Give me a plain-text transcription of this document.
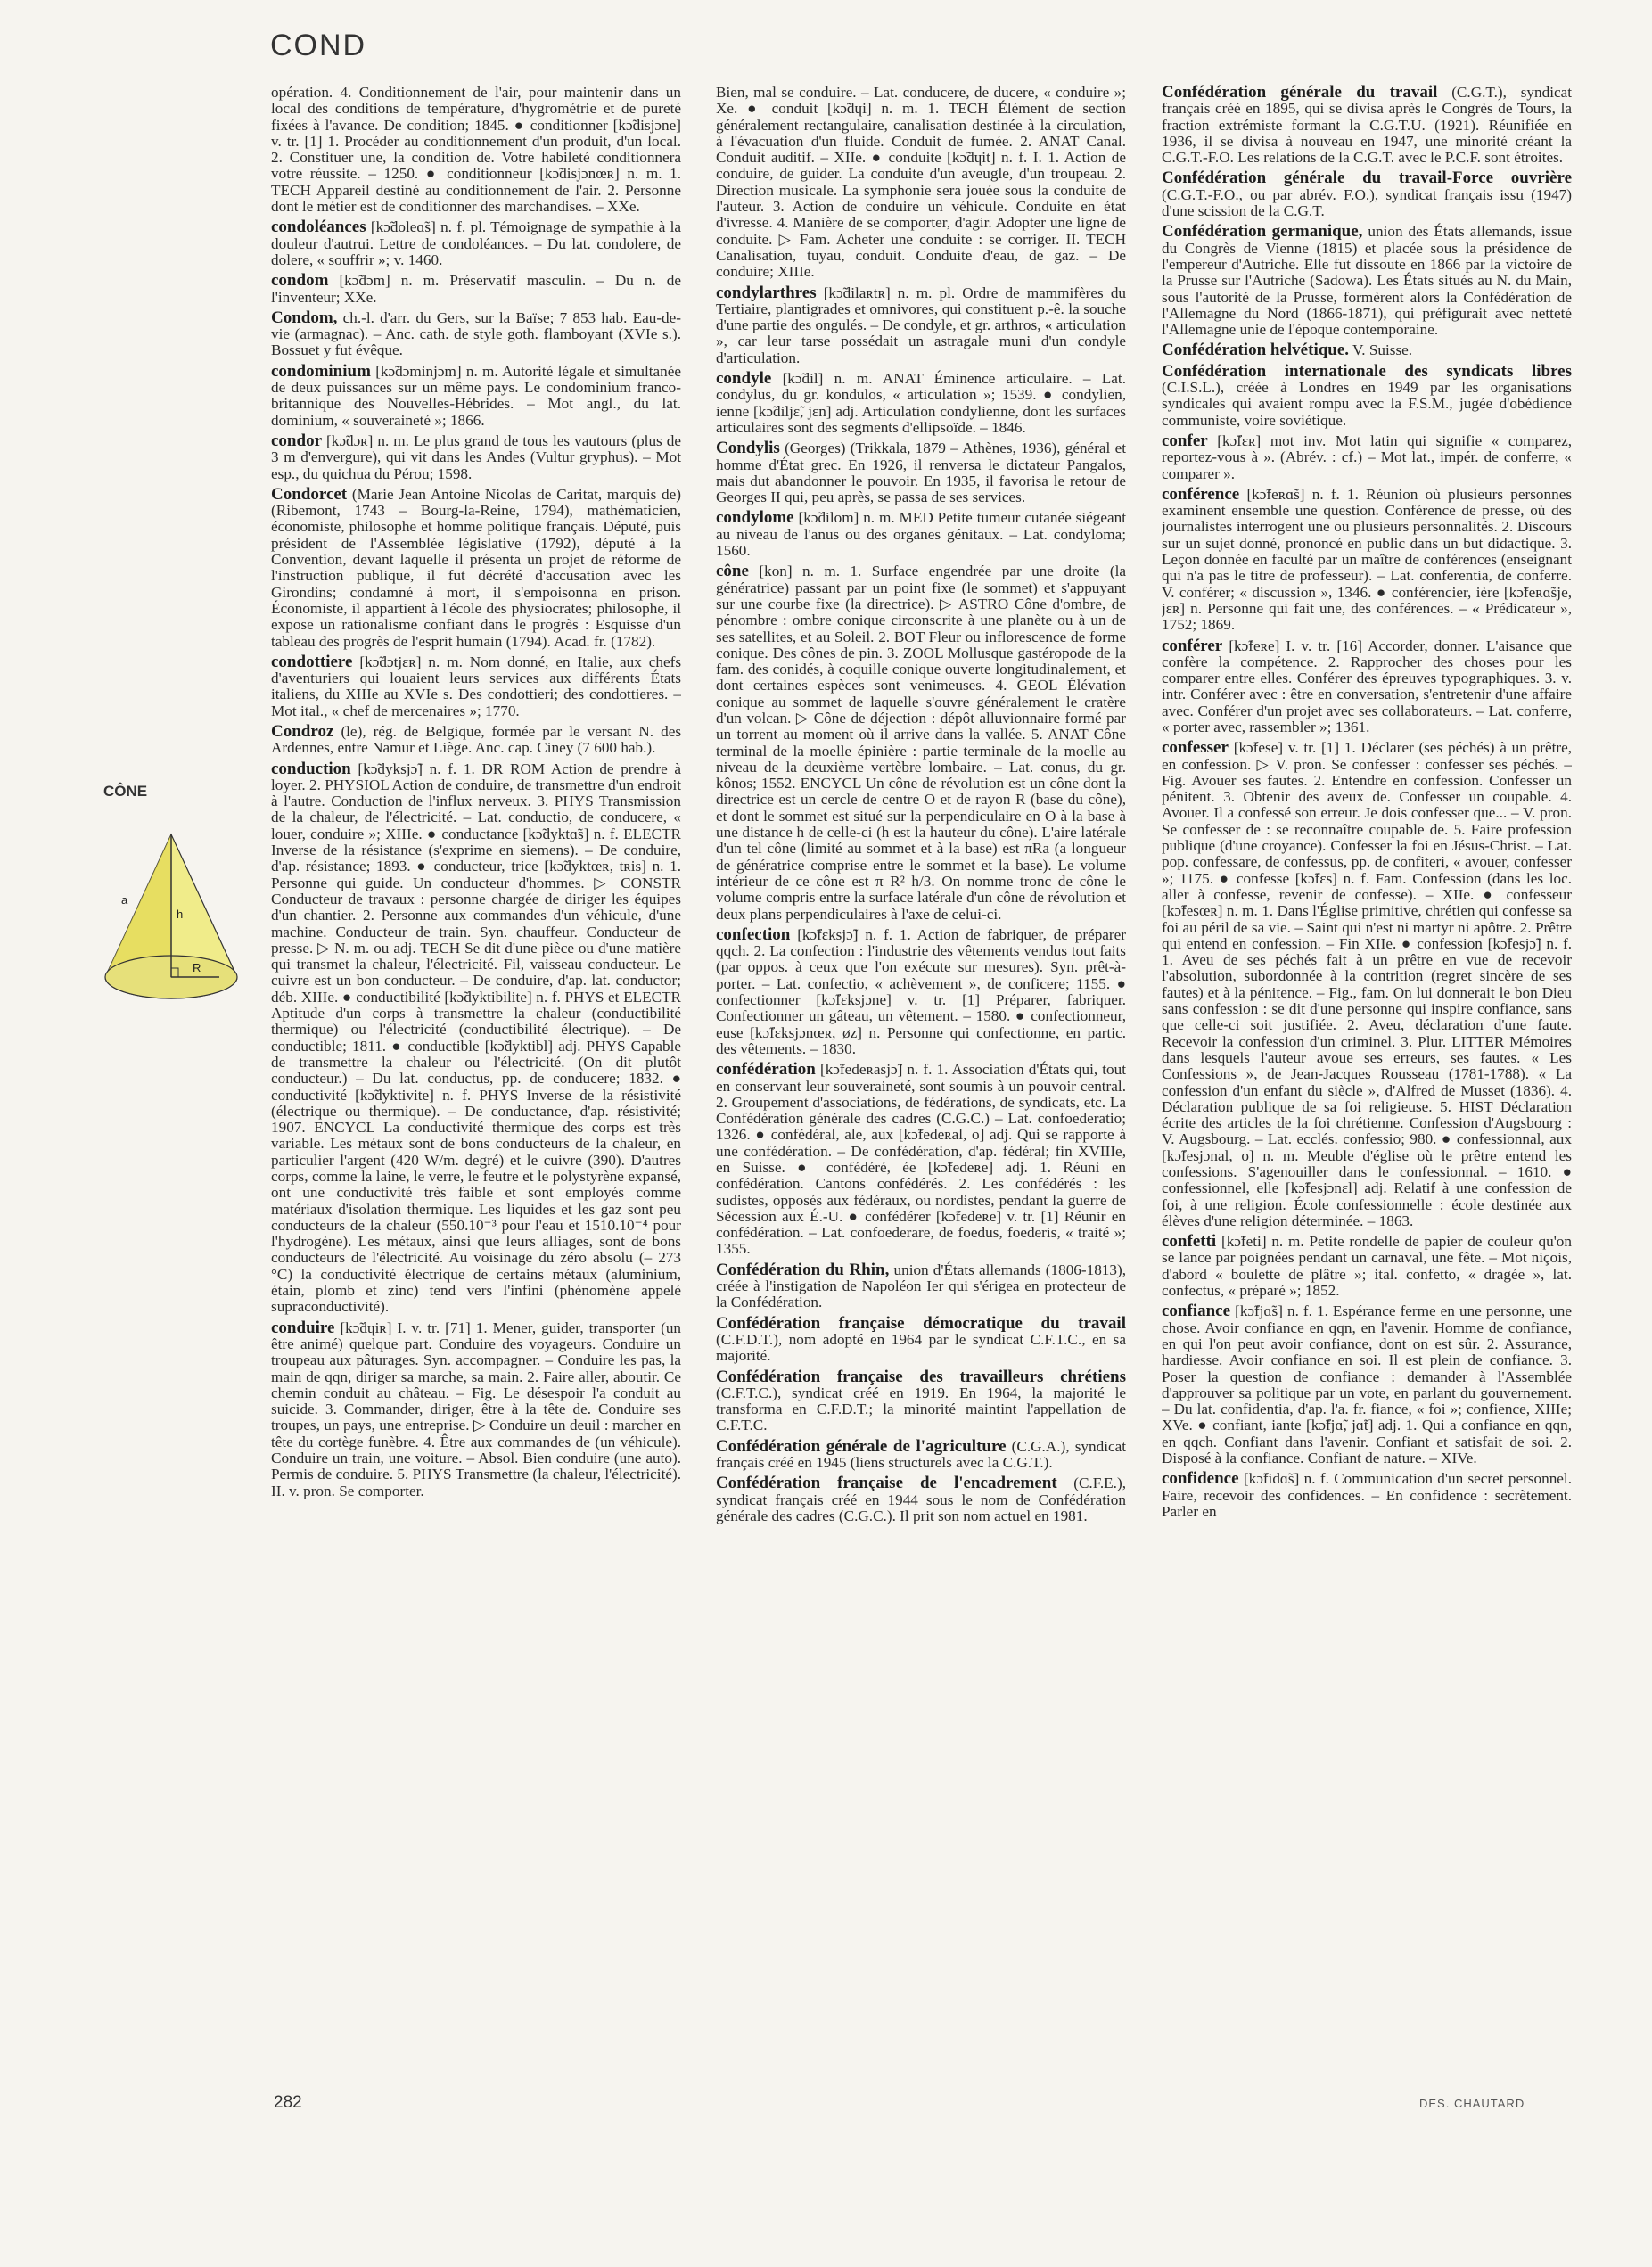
COND
CÔNE
a
h
R

opération. 4. Conditionnement de l'air, pour maintenir dans un local des conditions de température, d'hygrométrie et de pureté fixées à l'avance. De condition; 1845. ● conditionner [kɔ̃disjɔne] v. tr. [1] 1. Procéder au conditionnement d'un produit, d'un local. 2. Constituer une, la condition de. Votre habileté conditionnera votre réussite. – 1250. ● conditionneur [kɔ̃disjɔnœʀ] n. m. 1. TECH Appareil destiné au conditionnement de l'air. 2. Personne dont le métier est de conditionner des marchandises. – XXe.

condoléances [kɔ̃doleɑ̃s] n. f. pl. Témoignage de sympathie à la douleur d'autrui. Lettre de condoléances. – Du lat. condolere, de dolere, « souffrir »; v. 1460.

condom [kɔ̃dɔm] n. m. Préservatif masculin. – Du n. de l'inventeur; XXe.

Condom, ch.-l. d'arr. du Gers, sur la Baïse; 7 853 hab. Eau-de-vie (armagnac). – Anc. cath. de style goth. flamboyant (XVIe s.). Bossuet y fut évêque.

condominium [kɔ̃dɔminjɔm] n. m. Autorité légale et simultanée de deux puissances sur un même pays. Le condominium franco-britannique des Nouvelles-Hébrides. – Mot angl., du lat. dominium, « souveraineté »; 1866.

condor [kɔ̃dɔʀ] n. m. Le plus grand de tous les vautours (plus de 3 m d'envergure), qui vit dans les Andes (Vultur gryphus). – Mot esp., du quichua du Pérou; 1598.

Condorcet (Marie Jean Antoine Nicolas de Caritat, marquis de) (Ribemont, 1743 – Bourg-la-Reine, 1794), mathématicien, économiste, philosophe et homme politique français. Député, puis président de l'Assemblée législative (1792), député à la Convention, devant laquelle il présenta un projet de réforme de l'instruction publique, il fut décrété d'accusation avec les Girondins; condamné à mort, il s'empoisonna en prison. Économiste, il appartient à l'école des physiocrates; philosophe, il expose un rationalisme confiant dans le progrès : Esquisse d'un tableau des progrès de l'esprit humain (1794). Acad. fr. (1782).

condottiere [kɔ̃dɔtjɛʀ] n. m. Nom donné, en Italie, aux chefs d'aventuriers qui louaient leurs services aux différents États italiens, du XIIIe au XVIe s. Des condottieri; des condottieres. – Mot ital., « chef de mercenaires »; 1770.

Condroz (le), rég. de Belgique, formée par le versant N. des Ardennes, entre Namur et Liège. Anc. cap. Ciney (7 600 hab.).

conduction [kɔ̃dyksjɔ̃] n. f. 1. DR ROM Action de prendre à loyer. 2. PHYSIOL Action de conduire, de transmettre d'un endroit à l'autre. Conduction de l'influx nerveux. 3. PHYS Transmission de la chaleur, de l'électricité. – Lat. conductio, de conducere, « louer, conduire »; XIIIe. ● conductance [kɔ̃dyktɑ̃s] n. f. ELECTR Inverse de la résistance (s'exprime en siemens). – De conduire, d'ap. résistance; 1893. ● conducteur, trice [kɔ̃dyktœʀ, tʀis] n. 1. Personne qui guide. Un conducteur d'hommes. ▷ CONSTR Conducteur de travaux : personne chargée de diriger les équipes d'un chantier. 2. Personne aux commandes d'un véhicule, d'une machine. Conducteur de train. Syn. chauffeur. Conducteur de presse. ▷ N. m. ou adj. TECH Se dit d'une pièce ou d'une matière qui transmet la chaleur, l'électricité. Fil, vaisseau conducteur. Le cuivre est un bon conducteur. – De conduire, d'ap. lat. conductor; déb. XIIIe. ● conductibilité [kɔ̃dyktibilite] n. f. PHYS et ELECTR Aptitude d'un corps à transmettre la chaleur (conductibilité thermique) ou l'électricité (conductibilité électrique). – De conductible; 1811. ● conductible [kɔ̃dyktibl] adj. PHYS Capable de transmettre la chaleur ou l'électricité. (On dit plutôt conducteur.) – Du lat. conductus, pp. de conducere; 1832. ● conductivité [kɔ̃dyktivite] n. f. PHYS Inverse de la résistivité (électrique ou thermique). – De conductance, d'ap. résistivité; 1907. ENCYCL La conductivité thermique des corps est très variable. Les métaux sont de bons conducteurs de la chaleur, en particulier l'argent (420 W/m. degré) et le cuivre (390). D'autres corps, comme la laine, le verre, le feutre et le polystyrène expansé, ont une conductivité très faible et sont employés comme matériaux d'isolation thermique. Les liquides et les gaz sont peu conducteurs de la chaleur (550.10⁻³ pour l'eau et 1510.10⁻⁴ pour l'hydrogène). Les métaux, ainsi que leurs alliages, sont de bons conducteurs de l'électricité. Au voisinage du zéro absolu (– 273 °C) la conductivité électrique de certains métaux (aluminium, étain, plomb et zinc) tend vers l'infini (phénomène appelé supraconductivité).

conduire [kɔ̃dɥiʀ] I. v. tr. [71] 1. Mener, guider, transporter (un être animé) quelque part. Conduire des voyageurs. Conduire un troupeau aux pâturages. Syn. accompagner. – Conduire les pas, la main de qqn, diriger sa marche, sa main. 2. Faire aller, aboutir. Ce chemin conduit au château. – Fig. Le désespoir l'a conduit au suicide. 3. Commander, diriger, être à la tête de. Conduire ses troupes, un pays, une entreprise. ▷ Conduire un deuil : marcher en tête du cortège funèbre. 4. Être aux commandes de (un véhicule). Conduire un train, une voiture. – Absol. Bien conduire (une auto). Permis de conduire. 5. PHYS Transmettre (la chaleur, l'électricité). II. v. pron. Se comporter.

Bien, mal se conduire. – Lat. conducere, de ducere, « conduire »; Xe. ● conduit [kɔ̃dɥi] n. m. 1. TECH Élément de section généralement rectangulaire, canalisation destinée à la circulation, à l'évacuation d'un fluide. Conduit de fumée. 2. ANAT Canal. Conduit auditif. – XIIe. ● conduite [kɔ̃dɥit] n. f. I. 1. Action de conduire, de guider. La conduite d'un aveugle, d'un troupeau. 2. Direction musicale. La symphonie sera jouée sous la conduite de l'auteur. 3. Action de conduire un véhicule. Conduite en état d'ivresse. 4. Manière de se comporter, d'agir. Adopter une ligne de conduite. ▷ Fam. Acheter une conduite : se corriger. II. TECH Canalisation, tuyau, conduit. Conduite d'eau, de gaz. – De conduire; XIIIe.

condylarthres [kɔ̃dilaʀtʀ] n. m. pl. Ordre de mammifères du Tertiaire, plantigrades et omnivores, qui constituent p.-ê. la souche d'une partie des ongulés. – De condyle, et gr. arthros, « articulation », car leur tarse possédait un astragale muni d'un condyle d'articulation.

condyle [kɔ̃dil] n. m. ANAT Éminence articulaire. – Lat. condylus, du gr. kondulos, « articulation »; 1539. ● condylien, ienne [kɔ̃diljɛ̃, jɛn] adj. Articulation condylienne, dont les surfaces articulaires sont des segments d'ellipsoïde. – 1846.

Condylis (Georges) (Trikkala, 1879 – Athènes, 1936), général et homme d'État grec. En 1926, il renversa le dictateur Pangalos, mais dut abandonner le pouvoir. En 1935, il favorisa le retour de Georges II qui, peu après, se passa de ses services.

condylome [kɔ̃dilom] n. m. MED Petite tumeur cutanée siégeant au niveau de l'anus ou des organes génitaux. – Lat. condyloma; 1560.

cône [kon] n. m. 1. Surface engendrée par une droite (la génératrice) passant par un point fixe (le sommet) et s'appuyant sur une courbe fixe (la directrice). ▷ ASTRO Cône d'ombre, de pénombre : ombre conique circonscrite à une planète ou à un de ses satellites, et au Soleil. 2. BOT Fleur ou inflorescence de forme conique. Des cônes de pin. 3. ZOOL Mollusque gastéropode de la fam. des conidés, à coquille conique ouverte longitudinalement, et dont certaines espèces sont venimeuses. 4. GEOL Élévation conique au sommet de laquelle s'ouvre généralement le cratère d'un volcan. ▷ Cône de déjection : dépôt alluvionnaire formé par un torrent au moment où il arrive dans la vallée. 5. ANAT Cône terminal de la moelle épinière : partie terminale de la moelle au niveau de la deuxième vertèbre lombaire. – Lat. conus, du gr. kônos; 1552. ENCYCL Un cône de révolution est un cône dont la directrice est un cercle de centre O et de rayon R (base du cône), et dont le sommet est situé sur la perpendiculaire en O à la base à une distance h de celle-ci (h est la hauteur du cône). L'aire latérale d'un tel cône (limité au sommet et à la base) est πRa (a longueur de génératrice comprise entre le sommet et la base). Le volume intérieur de ce cône est π R² h/3. On nomme tronc de cône le volume compris entre la surface latérale d'un cône de révolution et deux plans perpendiculaires à l'axe de celui-ci.

confection [kɔ̃fɛksjɔ̃] n. f. 1. Action de fabriquer, de préparer qqch. 2. La confection : l'industrie des vêtements vendus tout faits (par oppos. à ceux que l'on exécute sur mesures). Syn. prêt-à-porter. – Lat. confectio, « achèvement », de conficere; 1155. ● confectionner [kɔ̃fɛksjɔne] v. tr. [1] Préparer, fabriquer. Confectionner un gâteau, un vêtement. – 1580. ● confectionneur, euse [kɔ̃fɛksjɔnœʀ, øz] n. Personne qui confectionne, en partic. des vêtements. – 1830.

confédération [kɔ̃fedeʀasjɔ̃] n. f. 1. Association d'États qui, tout en conservant leur souveraineté, sont soumis à un pouvoir central. 2. Groupement d'associations, de fédérations, de syndicats, etc. La Confédération générale des cadres (C.G.C.) – Lat. confoederatio; 1326. ● confédéral, ale, aux [kɔ̃fedeʀal, o] adj. Qui se rapporte à une confédération. – De confédération, d'ap. fédéral; fin XVIIIe, en Suisse. ● confédéré, ée [kɔ̃fedeʀe] adj. 1. Réuni en confédération. Cantons confédérés. 2. Les confédérés : les sudistes, opposés aux fédéraux, ou nordistes, pendant la guerre de Sécession aux É.-U. ● confédérer [kɔ̃fedeʀe] v. tr. [1] Réunir en confédération. – Lat. confoederare, de foedus, foederis, « traité »; 1355.

Confédération du Rhin, union d'États allemands (1806-1813), créée à l'instigation de Napoléon Ier qui s'érigea en protecteur de la Confédération.

Confédération française démocratique du travail (C.F.D.T.), nom adopté en 1964 par le syndicat C.F.T.C., en sa majorité.

Confédération française des travailleurs chrétiens (C.F.T.C.), syndicat créé en 1919. En 1964, la majorité le transforma en C.F.D.T.; la minorité maintint l'appellation de C.F.T.C.

Confédération générale de l'agriculture (C.G.A.), syndicat français créé en 1945 (liens structurels avec la C.G.T.).

Confédération française de l'encadrement (C.F.E.), syndicat français créé en 1944 sous le nom de Confédération générale des cadres (C.G.C.). Il prit son nom actuel en 1981.

Confédération générale du travail (C.G.T.), syndicat français créé en 1895, qui se divisa après le Congrès de Tours, la fraction extrémiste formant la C.G.T.U. (1921). Réunifiée en 1936, il se divisa à nouveau en 1947, une minorité créant la C.G.T.-F.O. Les relations de la C.G.T. avec le P.C.F. sont étroites.

Confédération générale du travail-Force ouvrière (C.G.T.-F.O., ou par abrév. F.O.), syndicat français issu (1947) d'une scission de la C.G.T.

Confédération germanique, union des États allemands, issue du Congrès de Vienne (1815) et placée sous la présidence de l'empereur d'Autriche. Elle fut dissoute en 1866 par la victoire de la Prusse sur l'Autriche (Sadowa). Les États situés au N. du Main, sous l'autorité de la Prusse, formèrent alors la Confédération de l'Allemagne du Nord (1866-1871), qui préfigurait avec netteté l'Allemagne unie de l'époque contemporaine.

Confédération helvétique. V. Suisse.

Confédération internationale des syndicats libres (C.I.S.L.), créée à Londres en 1949 par les organisations syndicales qui avaient rompu avec la F.S.M., jugée d'obédience communiste, voire soviétique.

confer [kɔ̃fɛʀ] mot inv. Mot latin qui signifie « comparez, reportez-vous à ». (Abrév. : cf.) – Mot lat., impér. de conferre, « comparer ».

conférence [kɔ̃feʀɑ̃s] n. f. 1. Réunion où plusieurs personnes examinent ensemble une question. Conférence de presse, où des journalistes interrogent une ou plusieurs personnalités. 2. Discours sur un sujet donné, prononcé en public dans un but didactique. 3. Leçon donnée en faculté par un maître de conférences (enseignant qui n'a pas le titre de professeur). – Lat. conferentia, de conferre. V. conférer; « discussion », 1346. ● conférencier, ière [kɔ̃feʀɑ̃sje, jɛʀ] n. Personne qui fait une, des conférences. – « Prédicateur », 1752; 1869.

conférer [kɔ̃feʀe] I. v. tr. [16] Accorder, donner. L'aisance que confère la compétence. 2. Rapprocher des choses pour les comparer entre elles. Conférer des épreuves typographiques. 3. v. intr. Conférer avec : être en conversation, s'entretenir d'une affaire avec. Conférer d'un projet avec ses collaborateurs. – Lat. conferre, « porter avec, rassembler »; 1361.

confesser [kɔ̃fese] v. tr. [1] 1. Déclarer (ses péchés) à un prêtre, en confession. ▷ V. pron. Se confesser : confesser ses péchés. – Fig. Avouer ses fautes. 2. Entendre en confession. Confesser un pénitent. 3. Obtenir des aveux de. Confesser un coupable. 4. Avouer. Il a confessé son erreur. Je dois confesser que... – V. pron. Se confesser de : se reconnaître coupable de. 5. Faire profession publique (d'une croyance). Confesser la foi en Jésus-Christ. – Lat. pop. confessare, de confessus, pp. de confiteri, « avouer, confesser »; 1175. ● confesse [kɔ̃fɛs] n. f. Fam. Confession (dans les loc. aller à confesse, revenir de confesse). – XIIe. ● confesseur [kɔ̃fesœʀ] n. m. 1. Dans l'Église primitive, chrétien qui confesse sa foi au péril de sa vie. – Saint qui n'est ni martyr ni apôtre. 2. Prêtre qui entend en confession. – Fin XIIe. ● confession [kɔ̃fesjɔ̃] n. f. 1. Aveu de ses péchés fait à un prêtre en vue de recevoir l'absolution, subordonnée à la contrition (regret sincère de ses fautes) et à la pénitence. – Fig., fam. On lui donnerait le bon Dieu sans confession : se dit d'une personne qui inspire confiance, sans que celle-ci soit justifiée. 2. Aveu, déclaration d'une faute. Recevoir la confession d'un criminel. 3. Plur. LITTER Mémoires dans lesquels l'auteur avoue ses erreurs, ses fautes. « Les Confessions », de Jean-Jacques Rousseau (1781-1788). « La confession d'un enfant du siècle », d'Alfred de Musset (1836). 4. Déclaration publique de sa foi religieuse. 5. HIST Déclaration écrite des articles de la foi chrétienne. Confession d'Augsbourg : V. Augsbourg. – Lat. ecclés. confessio; 980. ● confessionnal, aux [kɔ̃fesjɔnal, o] n. m. Meuble d'église où le prêtre entend les confessions. S'agenouiller dans le confessionnal. – 1610. ● confessionnel, elle [kɔ̃fesjɔnɛl] adj. Relatif à une confession de foi, à une religion. École confessionnelle : école destinée aux élèves d'une religion déterminée. – 1863.

confetti [kɔ̃feti] n. m. Petite rondelle de papier de couleur qu'on se lance par poignées pendant un carnaval, une fête. – Mot niçois, d'abord « boulette de plâtre »; ital. confetto, « dragée », lat. confectus, « préparé »; 1852.

confiance [kɔ̃fjɑ̃s] n. f. 1. Espérance ferme en une personne, une chose. Avoir confiance en qqn, en l'avenir. Homme de confiance, en qui l'on peut avoir confiance, dont on est sûr. 2. Assurance, hardiesse. Avoir confiance en soi. Il est plein de confiance. 3. Poser la question de confiance : demander à l'Assemblée d'approuver sa politique par un vote, en parlant du gouvernement. – Du lat. confidentia, d'ap. l'a. fr. fiance, « foi »; confience, XIIIe; XVe. ● confiant, iante [kɔ̃fjɑ̃, jɑ̃t] adj. 1. Qui a confiance en qqn, en qqch. Confiant dans l'avenir. Confiant et satisfait de soi. 2. Disposé à la confiance. Confiant de nature. – XIVe.

confidence [kɔ̃fidɑ̃s] n. f. Communication d'un secret personnel. Faire, recevoir des confidences. – En confidence : secrètement. Parler en

282	DES. CHAUTARD
